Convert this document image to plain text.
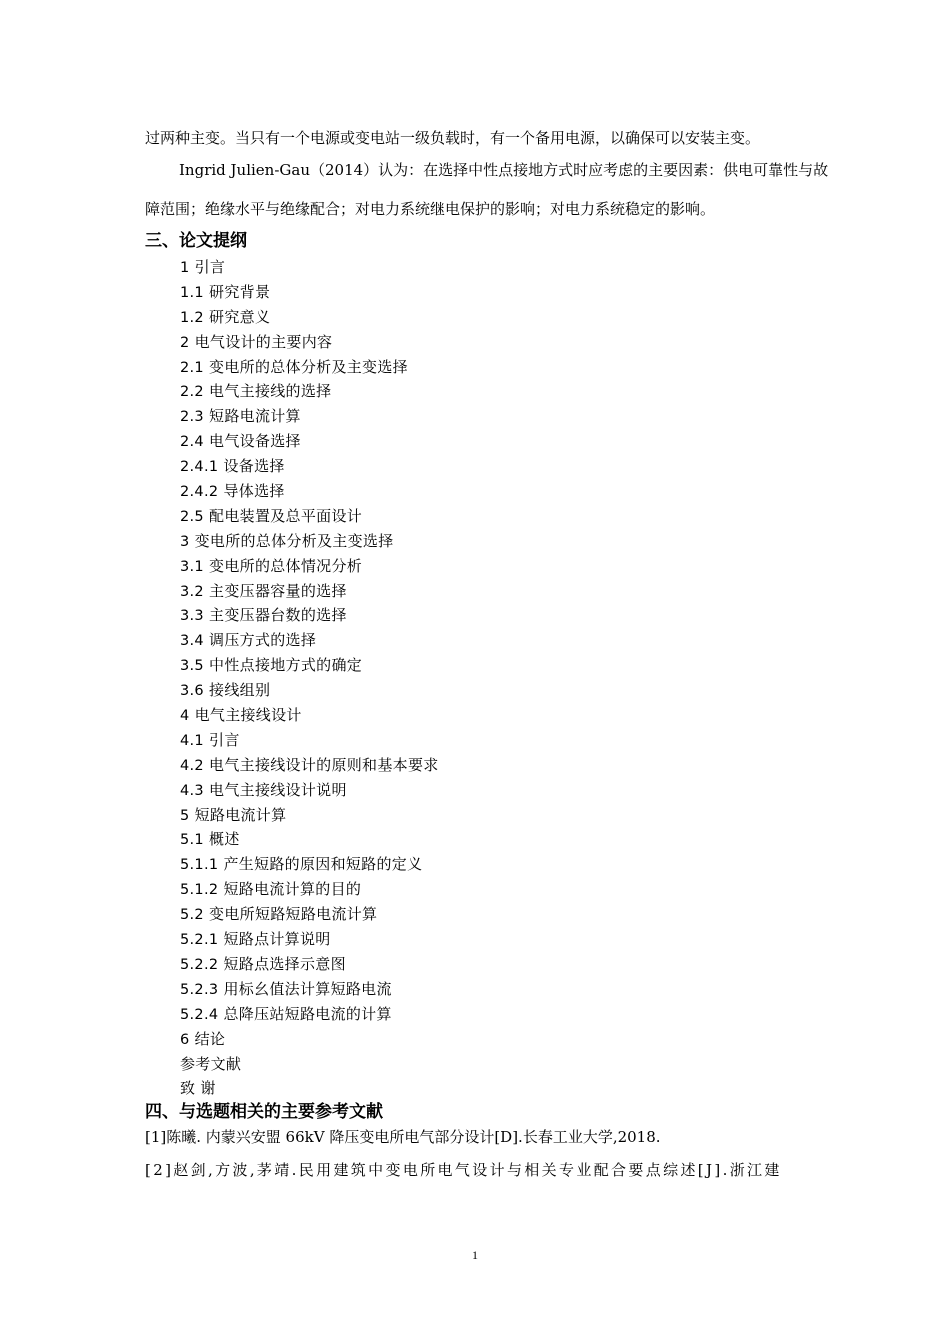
过两种主变。当只有一个电源或变电站一级负载时，有一个备用电源，以确保可以安装主变。
Ingrid Julien-Gau（2014）认为：在选择中性点接地方式时应考虑的主要因素：供电可靠性与故
障范围；绝缘水平与绝缘配合；对电力系统继电保护的影响；对电力系统稳定的影响。
三、论文提纲
1 引言
1.1 研究背景
1.2 研究意义
2 电气设计的主要内容
2.1 变电所的总体分析及主变选择
2.2 电气主接线的选择
2.3 短路电流计算
2.4 电气设备选择
2.4.1 设备选择
2.4.2 导体选择
2.5 配电装置及总平面设计
3 变电所的总体分析及主变选择
3.1 变电所的总体情况分析
3.2 主变压器容量的选择
3.3 主变压器台数的选择
3.4 调压方式的选择
3.5 中性点接地方式的确定
3.6 接线组别
4 电气主接线设计
4.1 引言
4.2 电气主接线设计的原则和基本要求
4.3 电气主接线设计说明
5 短路电流计算
5.1 概述
5.1.1 产生短路的原因和短路的定义
5.1.2 短路电流计算的目的
5.2 变电所短路短路电流计算
5.2.1 短路点计算说明
5.2.2 短路点选择示意图
5.2.3 用标幺值法计算短路电流
5.2.4 总降压站短路电流的计算
6 结论
参考文献
致 谢
四、与选题相关的主要参考文献
[1]陈曦. 内蒙兴安盟 66kV 降压变电所电气部分设计[D].长春工业大学,2018.
[2]赵剑,方波,茅靖.民用建筑中变电所电气设计与相关专业配合要点综述[J].浙江建
1
